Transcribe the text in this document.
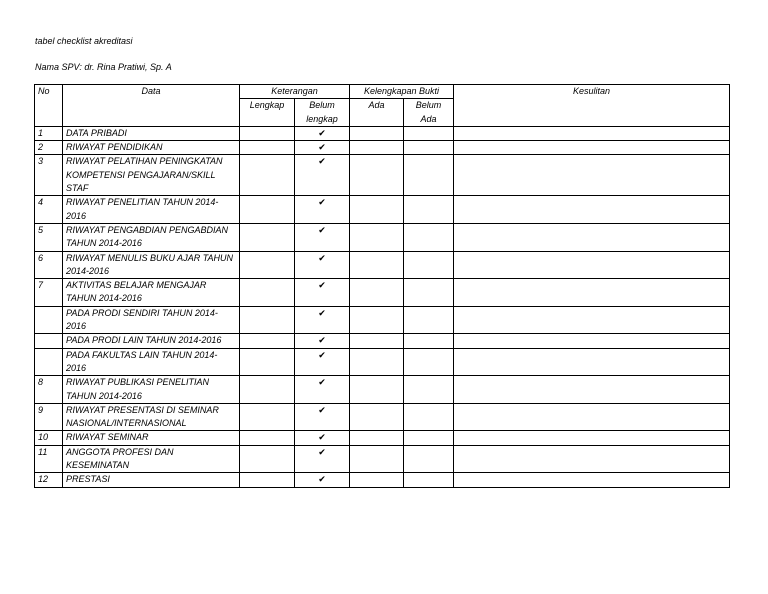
tabel checklist akreditasi
Nama SPV: dr. Rina Pratiwi, Sp. A
No	Data	Keterangan		Kelengkapan Bukti		Kesulitan
		Lengkap	Belum lengkap	Ada	Belum Ada	
1	DATA PRIBADI		✔			
2	RIWAYAT PENDIDIKAN		✔			
3	RIWAYAT PELATIHAN PENINGKATAN KOMPETENSI PENGAJARAN/SKILL STAF		✔			
4	RIWAYAT PENELITIAN TAHUN 2014-2016		✔			
5	RIWAYAT PENGABDIAN PENGABDIAN TAHUN 2014-2016		✔			
6	RIWAYAT MENULIS BUKU AJAR TAHUN 2014-2016		✔			
7	AKTIVITAS BELAJAR MENGAJAR TAHUN 2014-2016		✔			
	PADA PRODI SENDIRI TAHUN 2014-2016		✔			
	PADA PRODI LAIN TAHUN 2014-2016		✔			
	PADA FAKULTAS LAIN TAHUN 2014-2016		✔			
8	RIWAYAT PUBLIKASI PENELITIAN TAHUN 2014-2016		✔			
9	RIWAYAT PRESENTASI DI SEMINAR NASIONAL/INTERNASIONAL		✔			
10	RIWAYAT SEMINAR		✔			
11	ANGGOTA PROFESI DAN KESEMINATAN		✔			
12	PRESTASI		✔			
